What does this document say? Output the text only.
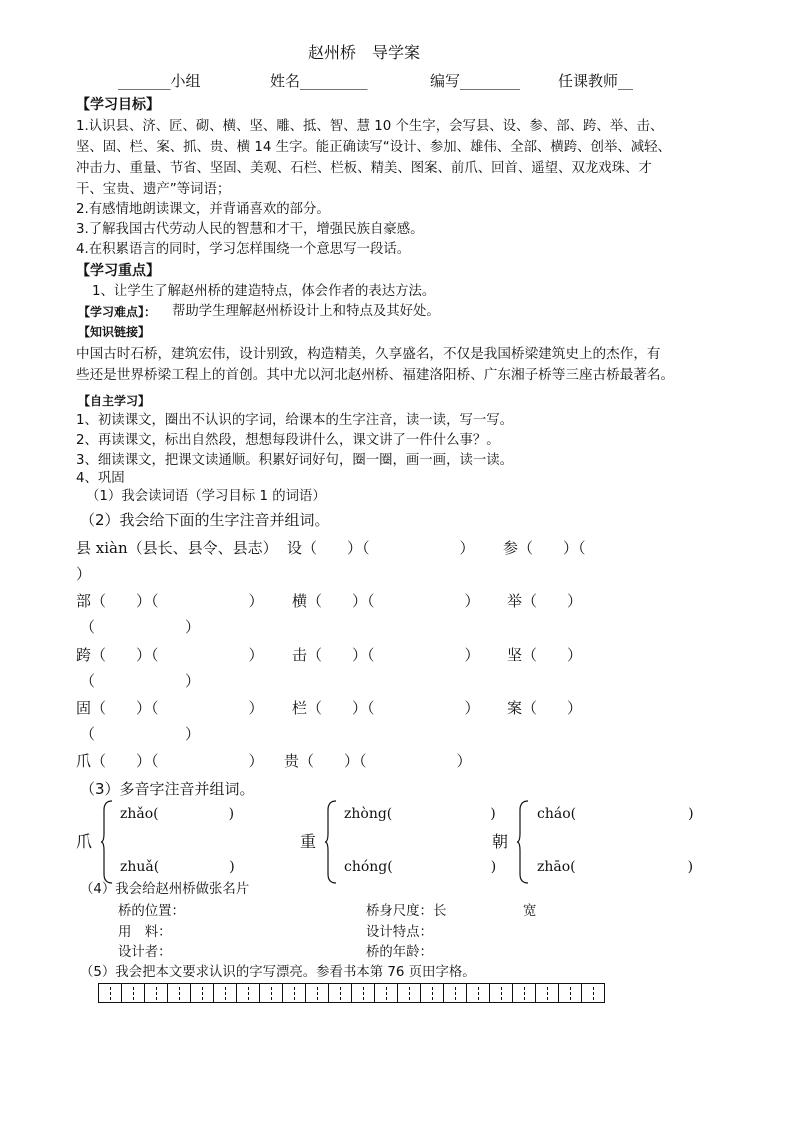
赵州桥　导学案
_______小组	姓名_________	编写________	任课教师__
【学习目标】
1.认识县、济、匠、砌、横、坚、雕、抵、智、慧 10 个生字，会写县、设、参、部、跨、举、击、
坚、固、栏、案、抓、贵、横 14 生字。能正确读写“设计、参加、雄伟、全部、横跨、创举、减轻、
冲击力、重量、节省、坚固、美观、石栏、栏板、精美、图案、前爪、回首、遥望、双龙戏珠、才
干、宝贵、遗产”等词语；
2.有感情地朗读课文，并背诵喜欢的部分。
3.了解我国古代劳动人民的智慧和才干，增强民族自豪感。
4.在积累语言的同时，学习怎样围绕一个意思写一段话。
【学习重点】
1、让学生了解赵州桥的建造特点，体会作者的表达方法。
【学习难点】： 帮助学生理解赵州桥设计上和特点及其好处。
【知识链接】
中国古时石桥，建筑宏伟，设计别致，构造精美，久享盛名，不仅是我国桥梁建筑史上的杰作，有
些还是世界桥梁工程上的首创。其中尤以河北赵州桥、福建洛阳桥、广东湘子桥等三座古桥最著名。
【自主学习】
1、初读课文，圈出不认识的字词，给课本的生字注音，读一读，写一写。
2、再读课文，标出自然段，想想每段讲什么，课文讲了一件什么事？。
3、细读课文，把课文读通顺。积累好词好句，圈一圈，画一画，读一读。
4、巩固
（1）我会读词语（学习目标 1 的词语）
（2）我会给下面的生字注音并组词。
县 xiàn（县长、县令、县志） 设（　　）（　　　　　　） 参（　　）（
）
部（　　）（　　　　　　） 横（　　）（　　　　　　） 举（　　）
（　　　　　　）
跨（　　）（　　　　　　） 击（　　）（　　　　　　） 坚（　　）
（　　　　　　）
固（　　）（　　　　　　） 栏（　　）（　　　　　　） 案（　　）
（　　　　　　）
爪（　　）（　　　　　　） 贵（　　）（　　　　　　）
（3）多音字注音并组词。
爪
zhǎo(　　　　　)
zhuǎ(　　　　　)
重
zhòng(　　　　　　　)
chóng(　　　　　　　)
朝
cháo(　　　　　　　　)
zhāo(　　　　　　　　)
（4）我会给赵州桥做张名片
桥的位置：	桥身尺度：长	宽
用　料：	设计特点：
设计者：	桥的年龄：
（5）我会把本文要求认识的字写漂亮。参看书本第 76 页田字格。
